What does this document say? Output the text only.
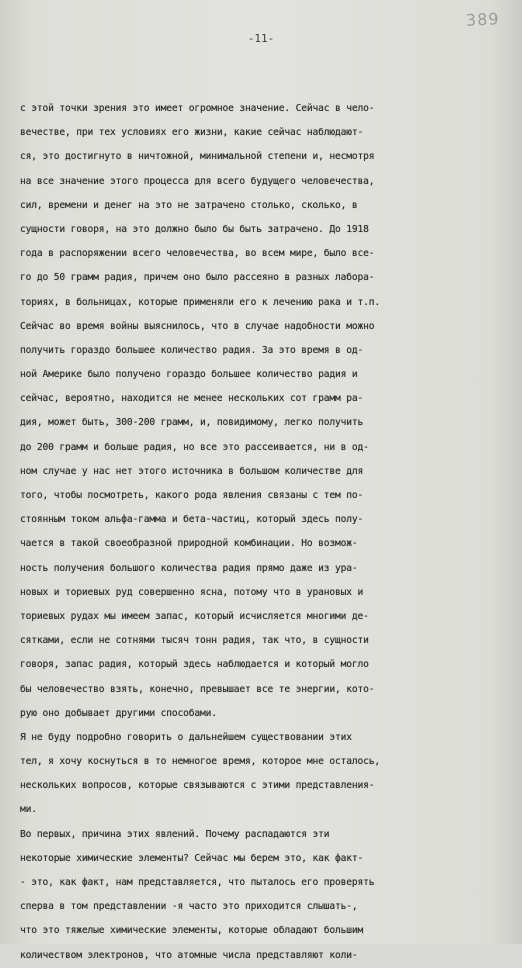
389
-11-
с этой точки зрения это имеет огромное значение. Сейчас в чело-
вечестве, при тех условиях его жизни, какие сейчас наблюдают-
ся, это достигнуто в ничтожной, минимальной степени и, несмотря
на все значение этого процесса для всего будущего человечества,
сил, времени и денег на это не затрачено столько, сколько, в
сущности говоря, на это должно было бы быть затрачено. До 1918
года в распоряжении всего человечества, во всем мире, было все-
го до 50 грамм радия, причем оно было рассеяно в разных лабора-
ториях, в больницах, которые применяли его к лечению рака и т.п.
Сейчас во время войны выяснилось, что в случае надобности можно
получить гораздо большее количество радия. За это время в од-
ной Америке было получено гораздо большее количество радия и
сейчас, вероятно, находится не менее нескольких сот грамм ра-
дия, может быть, 300-200 грамм, и, повидимому, легко получить
до 200 грамм и больше радия, но все это рассеивается, ни в од-
ном случае у нас нет этого источника в большом количестве для
того, чтобы посмотреть, какого рода явления связаны с тем по-
стоянным током альфа-гамма и бета-частиц, который здесь полу-
чается в такой своеобразной природной комбинации. Но возмож-
ность получения большого количества радия прямо даже из ура-
новых и ториевых руд совершенно ясна, потому что в урановых и
ториевых рудах мы имеем запас, который исчисляется многими де-
сятками, если не сотнями тысяч тонн радия, так что, в сущности
говоря, запас радия, который здесь наблюдается и который могло
бы человечество взять, конечно, превышает все те энергии, кото-
рую оно добывает другими способами.
Я не буду подробно говорить о дальнейшем существовании этих
тел, я хочу коснуться в то немногое время, которое мне осталось,
нескольких вопросов, которые связываются с этими представления-
ми.
Во первых, причина этих явлений. Почему распадаются эти
некоторые химические элементы? Сейчас мы берем это, как факт-
- это, как факт, нам представляется, что пыталось его проверять
сперва в том представлении -я часто это приходится слышать-,
что это тяжелые химические элементы, которые обладают большим
количеством электронов, что атомные числа представляют коли-
